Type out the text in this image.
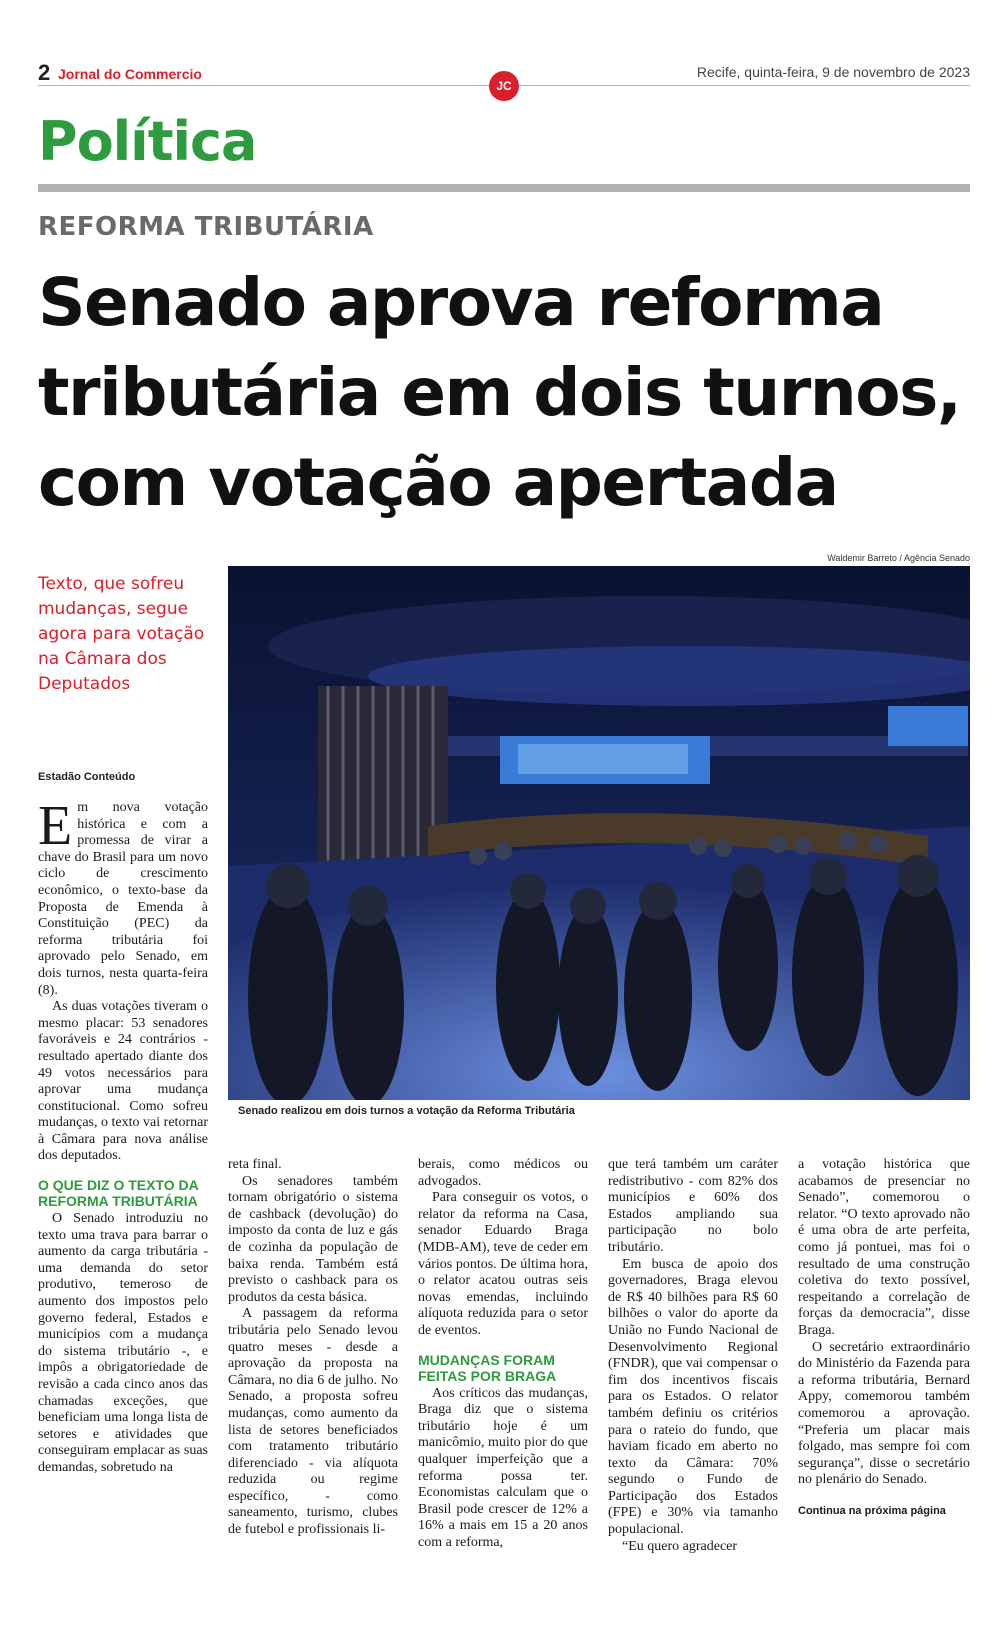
2 Jornal do Commercio	Recife, quinta-feira, 9 de novembro de 2023
JC
Política
REFORMA TRIBUTÁRIA
Senado aprova reforma tributária em dois turnos, com votação apertada
Waldemir Barreto / Agência Senado
Texto, que sofreu mudanças, segue agora para votação na Câmara dos Deputados
Senado realizou em dois turnos a votação da Reforma Tributária
Estadão Conteúdo

Em nova votação histórica e com a promessa de virar a chave do Brasil para um novo ciclo de crescimento econômico, o texto-base da Proposta de Emenda à Constituição (PEC) da reforma tributária foi aprovado pelo Senado, em dois turnos, nesta quarta-feira (8).

As duas votações tiveram o mesmo placar: 53 senadores favoráveis e 24 contrários - resultado apertado diante dos 49 votos necessários para aprovar uma mudança constitucional. Como sofreu mudanças, o texto vai retornar à Câmara para nova análise dos deputados.

O QUE DIZ O TEXTO DA REFORMA TRIBUTÁRIA

O Senado introduziu no texto uma trava para barrar o aumento da carga tributária - uma demanda do setor produtivo, temeroso de aumento dos impostos pelo governo federal, Estados e municípios com a mudança do sistema tributário -, e impôs a obrigatoriedade de revisão a cada cinco anos das chamadas exceções, que beneficiam uma longa lista de setores e atividades que conseguiram emplacar as suas demandas, sobretudo na

reta final.

Os senadores também tornam obrigatório o sistema de cashback (devolução) do imposto da conta de luz e gás de cozinha da população de baixa renda. Também está previsto o cashback para os produtos da cesta básica.

A passagem da reforma tributária pelo Senado levou quatro meses - desde a aprovação da proposta na Câmara, no dia 6 de julho. No Senado, a proposta sofreu mudanças, como aumento da lista de setores beneficiados com tratamento tributário diferenciado - via alíquota reduzida ou regime específico, - como saneamento, turismo, clubes de futebol e profissionais li-

berais, como médicos ou advogados.

Para conseguir os votos, o relator da reforma na Casa, senador Eduardo Braga (MDB-AM), teve de ceder em vários pontos. De última hora, o relator acatou outras seis novas emendas, incluindo alíquota reduzida para o setor de eventos.

MUDANÇAS FORAM FEITAS POR BRAGA

Aos críticos das mudanças, Braga diz que o sistema tributário hoje é um manicômio, muito pior do que qualquer imperfeição que a reforma possa ter. Economistas calculam que o Brasil pode crescer de 12% a 16% a mais em 15 a 20 anos com a reforma,

que terá também um caráter redistributivo - com 82% dos municípios e 60% dos Estados ampliando sua participação no bolo tributário.

Em busca de apoio dos governadores, Braga elevou de R$ 40 bilhões para R$ 60 bilhões o valor do aporte da União no Fundo Nacional de Desenvolvimento Regional (FNDR), que vai compensar o fim dos incentivos fiscais para os Estados. O relator também definiu os critérios para o rateio do fundo, que haviam ficado em aberto no texto da Câmara: 70% segundo o Fundo de Participação dos Estados (FPE) e 30% via tamanho populacional.

“Eu quero agradecer

a votação histórica que acabamos de presenciar no Senado”, comemorou o relator. “O texto aprovado não é uma obra de arte perfeita, como já pontuei, mas foi o resultado de uma construção coletiva do texto possível, respeitando a correlação de forças da democracia”, disse Braga.

O secretário extraordinário do Ministério da Fazenda para a reforma tributária, Bernard Appy, comemorou também comemorou a aprovação. “Preferia um placar mais folgado, mas sempre foi com segurança”, disse o secretário no plenário do Senado.

Continua na próxima página
